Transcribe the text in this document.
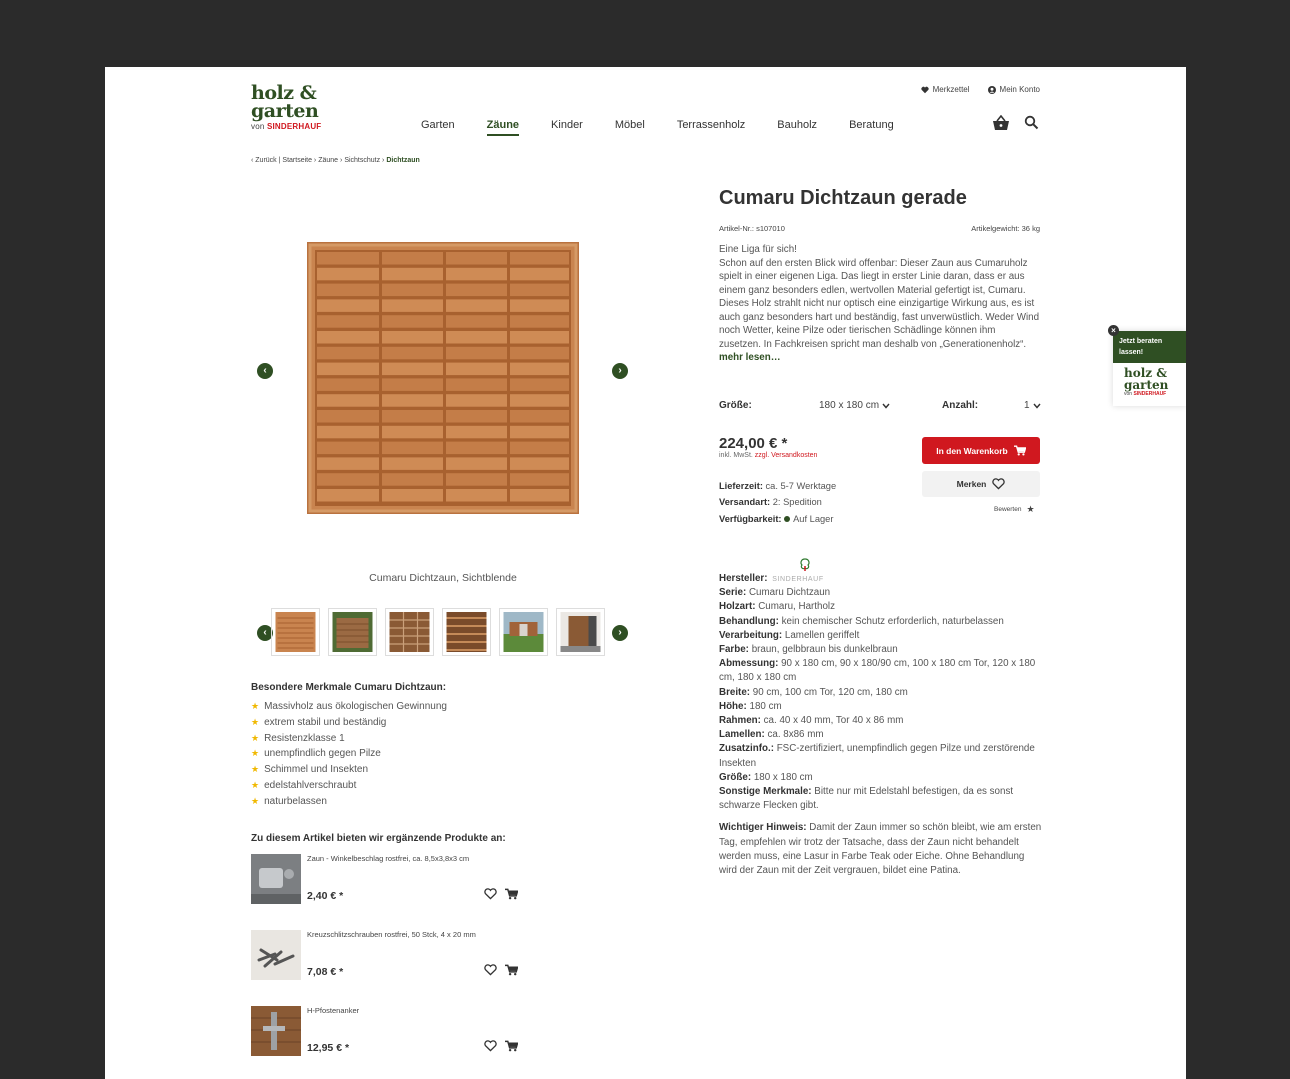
holz &
garten
von SINDERHAUF
Merkzettel	Mein Konto
Garten	Zäune	Kinder	Möbel	Terrassenholz	Bauholz	Beratung
‹ Zurück | Startseite › Zäune › Sichtschutz › Dichtzaun
‹	›
Cumaru Dichtzaun, Sichtblende
‹	›
Besondere Merkmale Cumaru Dichtzaun:
★ Massivholz aus ökologischen Gewinnung
★ extrem stabil und beständig
★ Resistenzklasse 1
★ unempfindlich gegen Pilze
★ Schimmel und Insekten
★ edelstahlverschraubt
★ naturbelassen
Zu diesem Artikel bieten wir ergänzende Produkte an:
Zaun - Winkelbeschlag rostfrei, ca. 8,5x3,8x3 cm
2,40 € *
Kreuzschlitzschrauben rostfrei, 50 Stck, 4 x 20 mm
7,08 € *
H-Pfostenanker
12,95 € *
Cumaru Dichtzaun gerade
Artikel-Nr.: s107010	Artikelgewicht: 36 kg
Eine Liga für sich!
Schon auf den ersten Blick wird offenbar: Dieser Zaun aus Cumaruholz spielt in einer eigenen Liga. Das liegt in erster Linie daran, dass er aus einem ganz besonders edlen, wertvollen Material gefertigt ist, Cumaru. Dieses Holz strahlt nicht nur optisch eine einzigartige Wirkung aus, es ist auch ganz besonders hart und beständig, fast unverwüstlich. Weder Wind noch Wetter, keine Pilze oder tierischen Schädlinge können ihm zusetzen. In Fachkreisen spricht man deshalb von „Generationenholz“.  mehr lesen…
Größe:	180 x 180 cm	Anzahl:	1
224,00 € *
inkl. MwSt. zzgl. Versandkosten	In den Warenkorb
Merken
Bewerten ★
Lieferzeit: ca. 5-7 Werktage
Versandart: 2: Spedition
Verfügbarkeit: Auf Lager

Hersteller: SINDERHAUF

Serie: Cumaru Dichtzaun

Holzart: Cumaru, Hartholz

Behandlung: kein chemischer Schutz erforderlich, naturbelassen

Verarbeitung: Lamellen geriffelt

Farbe: braun, gelbbraun bis dunkelbraun

Abmessung: 90 x 180 cm, 90 x 180/90 cm, 100 x 180 cm Tor, 120 x 180 cm, 180 x 180 cm

Breite: 90 cm, 100 cm Tor, 120 cm, 180 cm

Höhe: 180 cm

Rahmen: ca. 40 x 40 mm, Tor 40 x 86 mm

Lamellen: ca. 8x86 mm

Zusatzinfo.: FSC-zertifiziert, unempfindlich gegen Pilze und zerstörende Insekten

Größe: 180 x 180 cm

Sonstige Merkmale: Bitte nur mit Edelstahl befestigen, da es sonst schwarze Flecken gibt.

Wichtiger Hinweis: Damit der Zaun immer so schön bleibt, wie am ersten Tag, empfehlen wir trotz der Tatsache, dass der Zaun nicht behandelt werden muss, eine Lasur in Farbe Teak oder Eiche. Ohne Behandlung wird der Zaun mit der Zeit vergrauen, bildet eine Patina.

Jetzt beraten lassen!
holz &
garten
von SINDERHAUF
×
